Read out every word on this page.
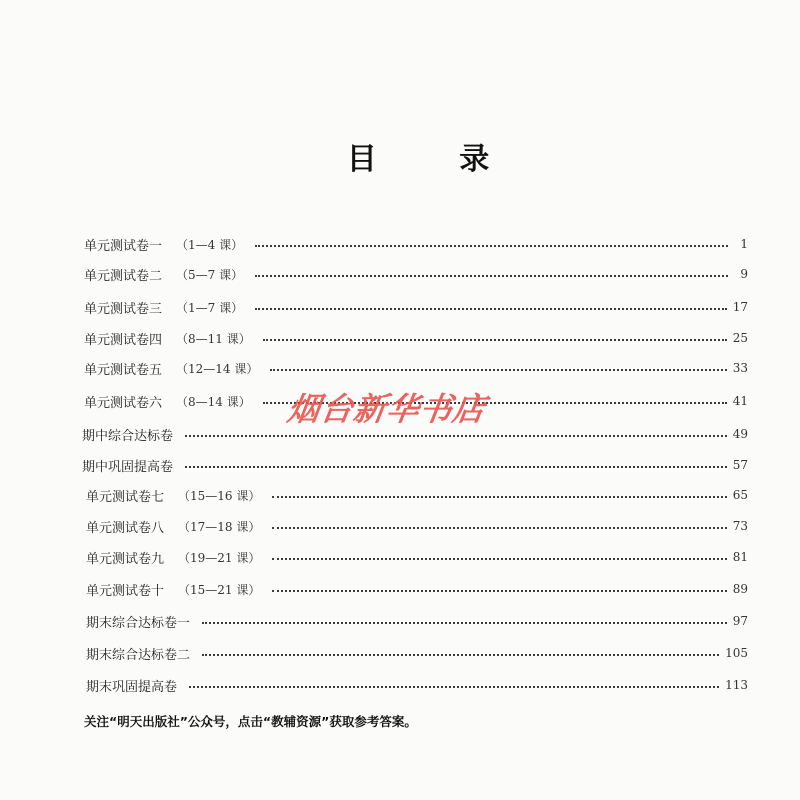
目 录
单元测试卷一 （1—4 课）	1
单元测试卷二 （5—7 课）	9
单元测试卷三 （1—7 课）	17
单元测试卷四 （8—11 课）	25
单元测试卷五 （12—14 课）	33
单元测试卷六 （8—14 课）	41
期中综合达标卷	49
期中巩固提高卷	57
单元测试卷七 （15—16 课）	65
单元测试卷八 （17—18 课）	73
单元测试卷九 （19—21 课）	81
单元测试卷十 （15—21 课）	89
期末综合达标卷一	97
期末综合达标卷二	105
期末巩固提高卷	113
烟台新华书店
关注“明天出版社”公众号，点击“教辅资源”获取参考答案。
